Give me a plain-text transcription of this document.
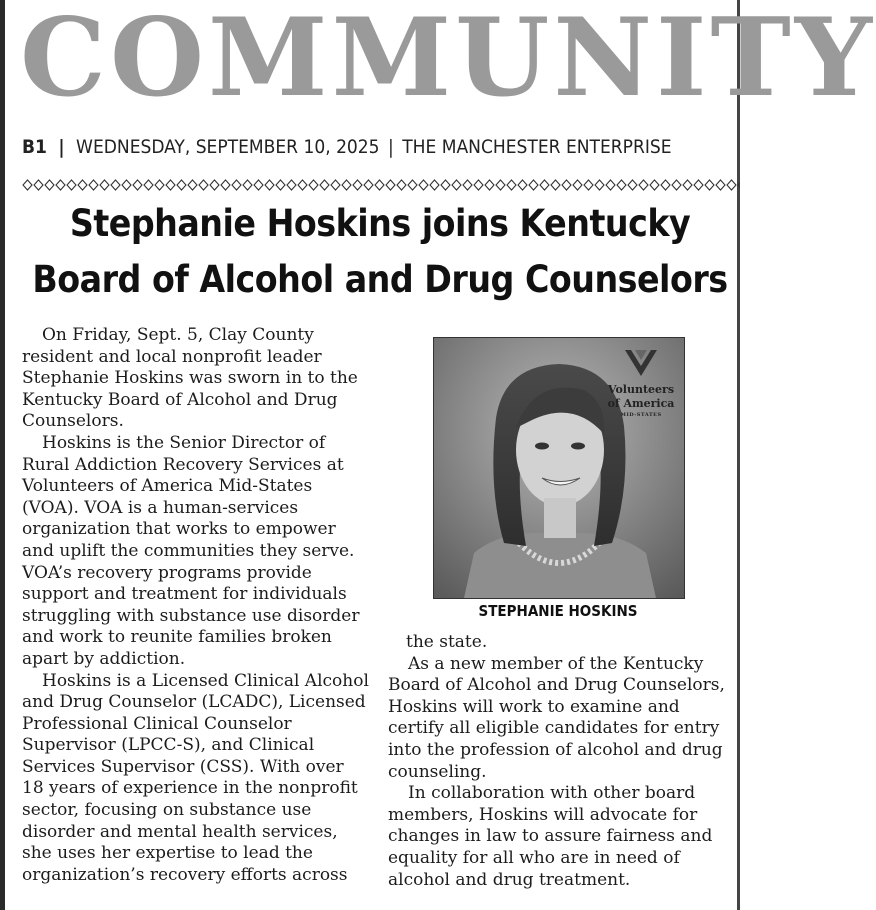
COMMUNITY
B1 | WEDNESDAY, SEPTEMBER 10, 2025 | THE MANCHESTER ENTERPRISE
Stephanie Hoskins joins Kentucky
Board of Alcohol and Drug Counselors

On Friday, Sept. 5, Clay County resident and local nonprofit leader Stephanie Hoskins was sworn in to the Kentucky Board of Alcohol and Drug Counselors.

Hoskins is the Senior Director of Rural Addiction Recovery Services at Volunteers of America Mid-States (VOA). VOA is a human-services organization that works to empower and uplift the communities they serve. VOA’s recovery programs provide support and treatment for individuals struggling with substance use disorder and work to reunite families broken apart by addiction.

Hoskins is a Licensed Clinical Alcohol and Drug Counselor (LCADC), Licensed Professional Clinical Counselor Supervisor (LPCC-S), and Clinical Services Supervisor (CSS). With over 18 years of experience in the nonprofit sector, focusing on substance use disorder and mental health services, she uses her expertise to lead the organization’s recovery efforts across

Volunteers
of America
MID-STATES
STEPHANIE HOSKINS

the state.

As a new member of the Kentucky Board of Alcohol and Drug Counselors, Hoskins will work to examine and certify all eligible candidates for entry into the profession of alcohol and drug counseling.

In collaboration with other board members, Hoskins will advocate for changes in law to assure fairness and equality for all who are in need of alcohol and drug treatment.
